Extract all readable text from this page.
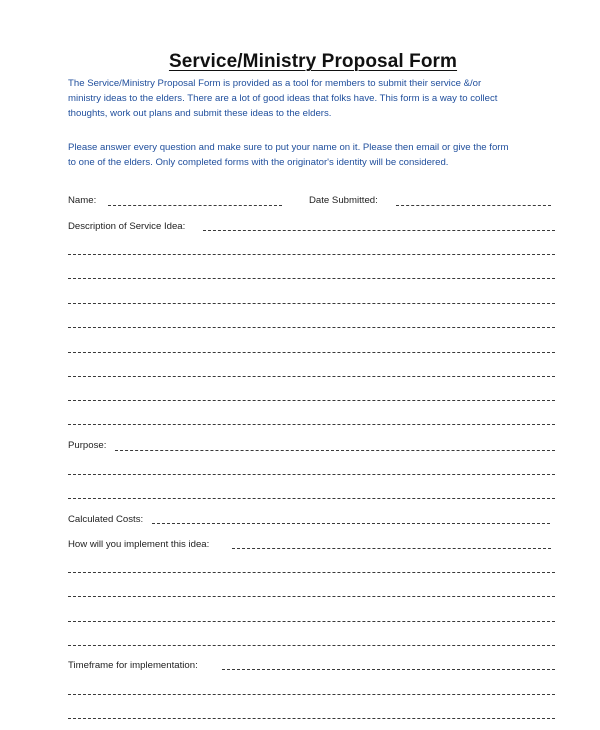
Service/Ministry Proposal Form
The Service/Ministry Proposal Form is provided as a tool for members to submit their service &/or
ministry ideas to the elders. There are a lot of good ideas that folks have. This form is a way to collect
thoughts, work out plans and submit these ideas to the elders.
Please answer every question and make sure to put your name on it. Please then email or give the form
to one of the elders. Only completed forms with the originator's identity will be considered.
Name:	Date Submitted:
Description of Service Idea:
Purpose:
Calculated Costs:
How will you implement this idea:
Timeframe for implementation:
